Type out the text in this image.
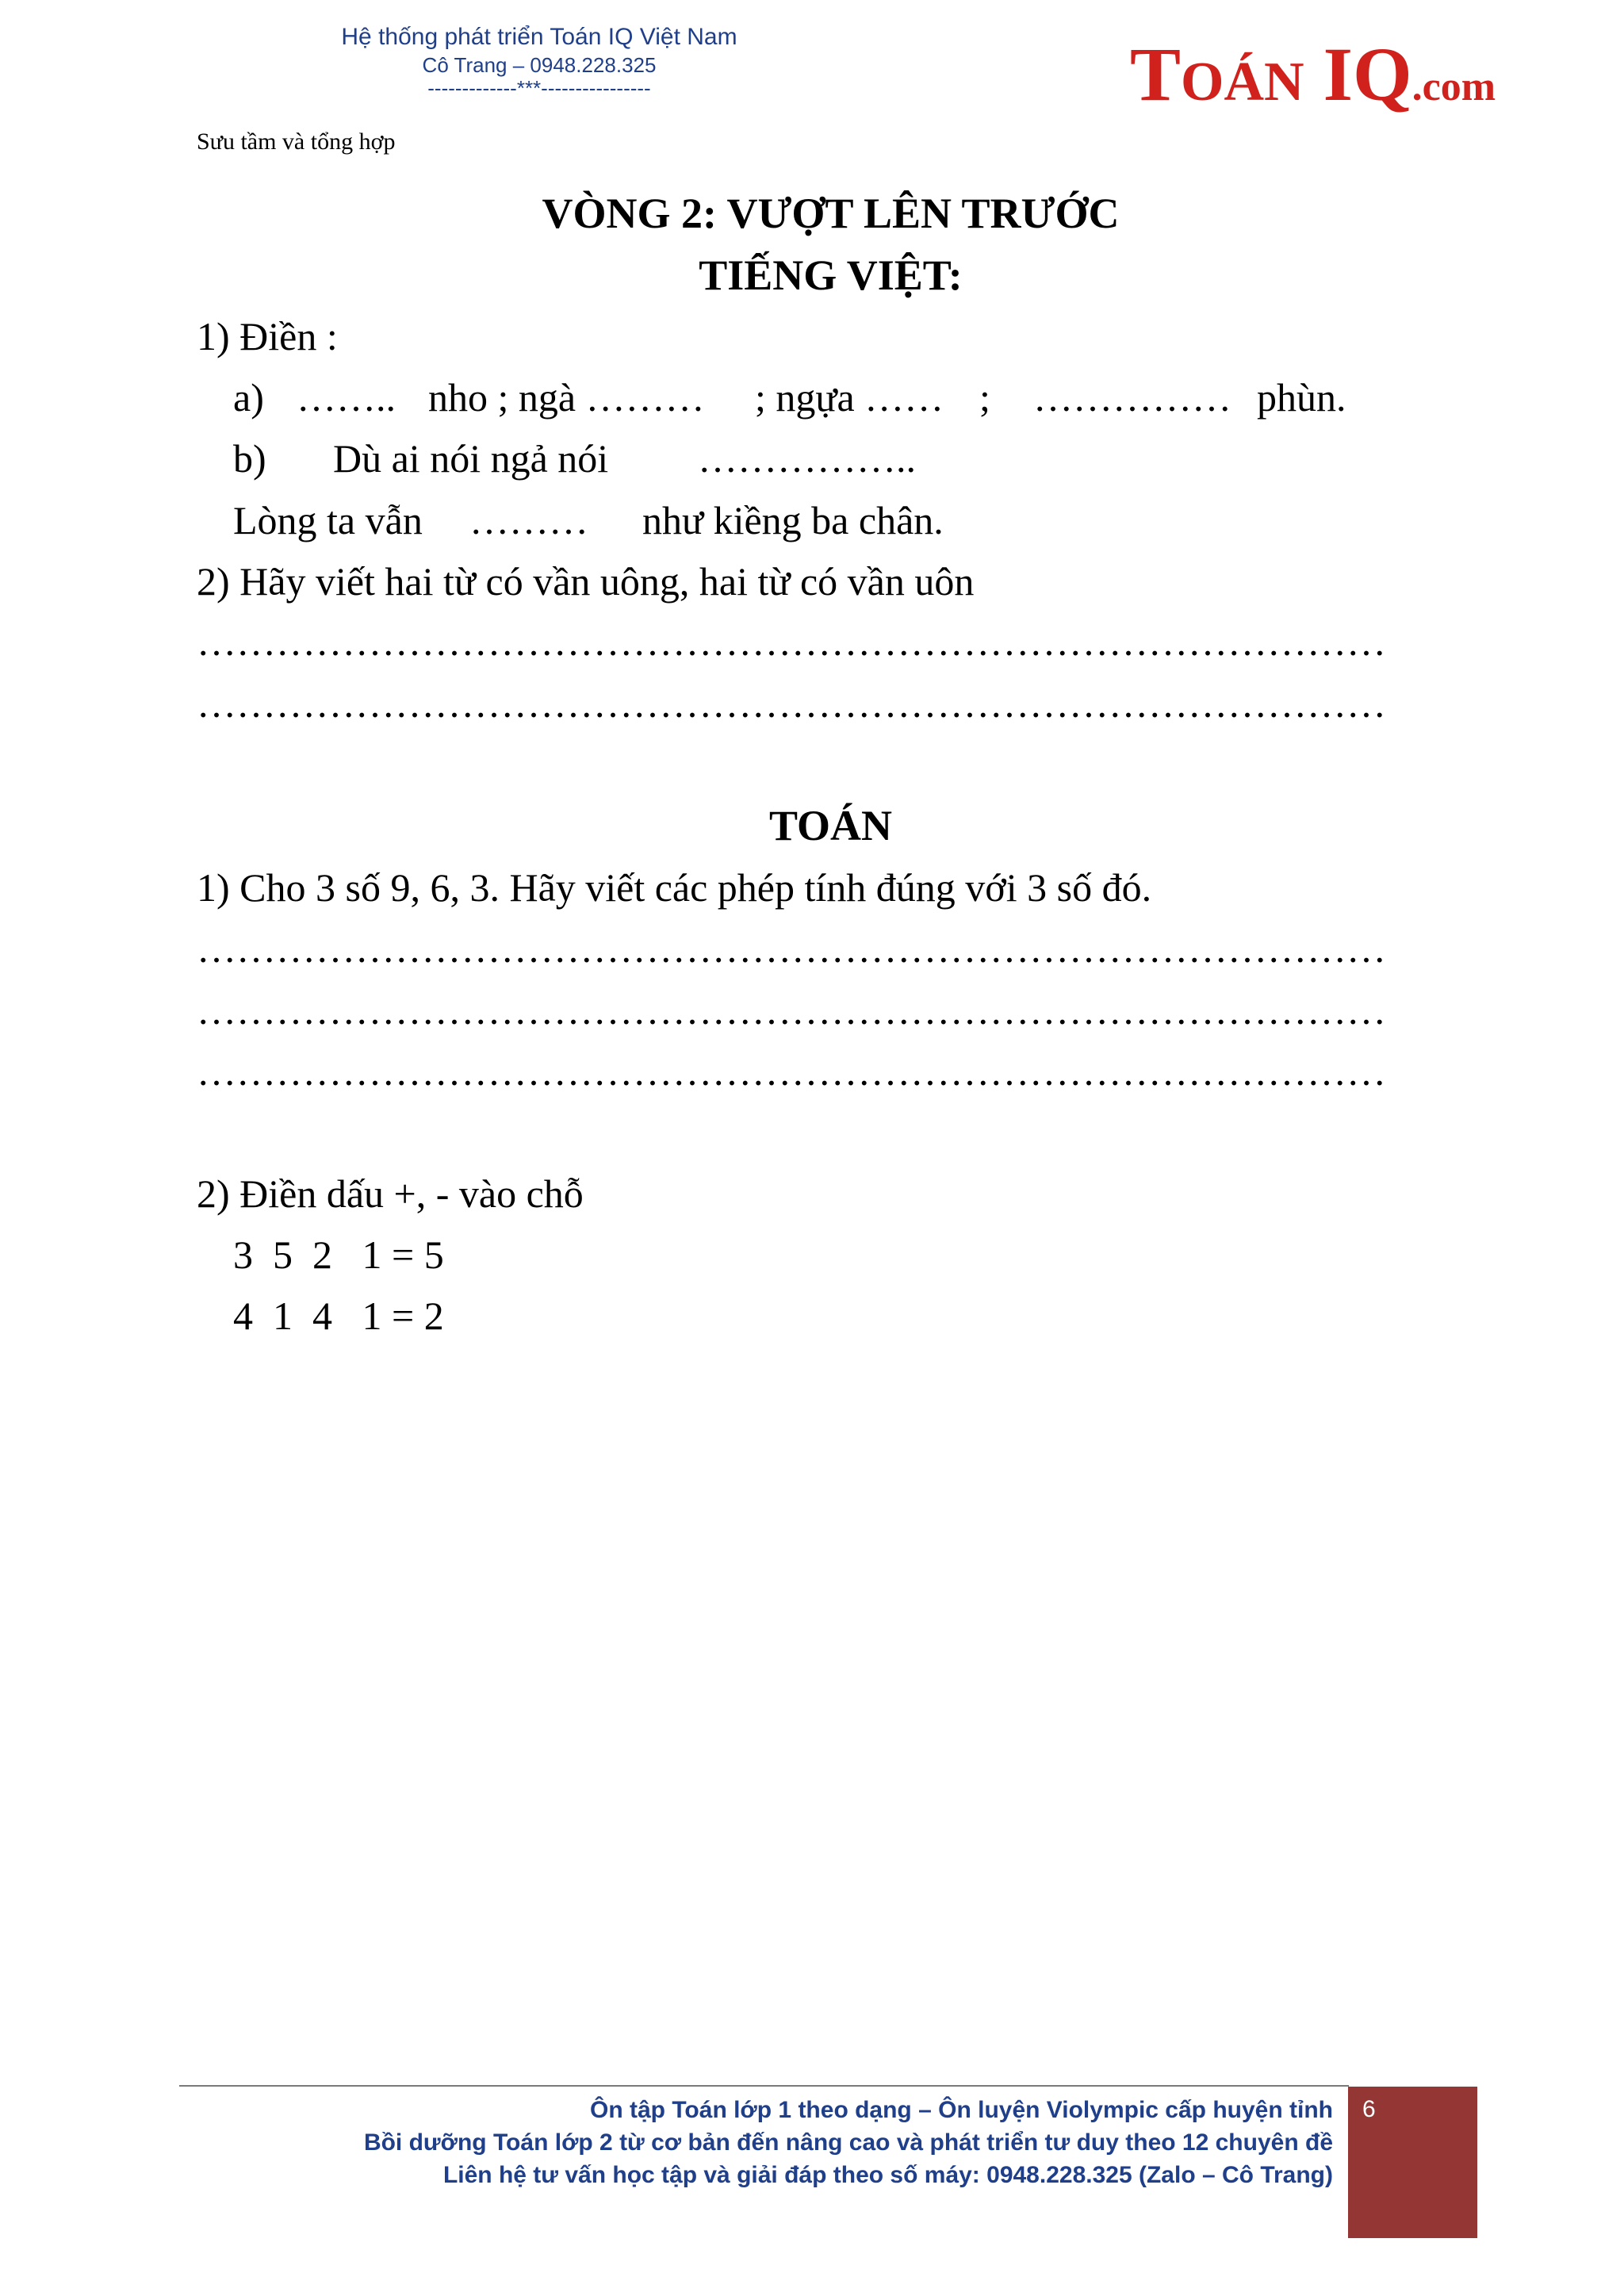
Hệ thống phát triển Toán IQ Việt Nam
Cô Trang – 0948.228.325
-------------***----------------	TOÁN IQ.com
Sưu tầm và tổng hợp
VÒNG 2: VƯỢT LÊN TRƯỚC
TIẾNG VIỆT:
1) Điền :
a) …….. nho ; ngà ……… ; ngựa …… ; …………… phùn.
b) Dù ai nói ngả nói ……………..
Lòng ta vẫn ……… như kiềng ba chân.
2) Hãy viết hai từ có vần uông, hai từ có vần uôn
………………………………………………………………………………
………………………………………………………………………………
TOÁN
1) Cho 3 số 9, 6, 3. Hãy viết các phép tính đúng với 3 số đó.
………………………………………………………………………………
………………………………………………………………………………
………………………………………………………………………………
2) Điền dấu +, - vào chỗ
3  5  2   1 = 5
4  1  4   1 = 2
Ôn tập Toán lớp 1 theo dạng – Ôn luyện Violympic cấp huyện tỉnh
Bồi dưỡng Toán lớp 2 từ cơ bản đến nâng cao và phát triển tư duy theo 12 chuyên đề
Liên hệ tư vấn học tập và giải đáp theo số máy: 0948.228.325 (Zalo – Cô Trang)
6
